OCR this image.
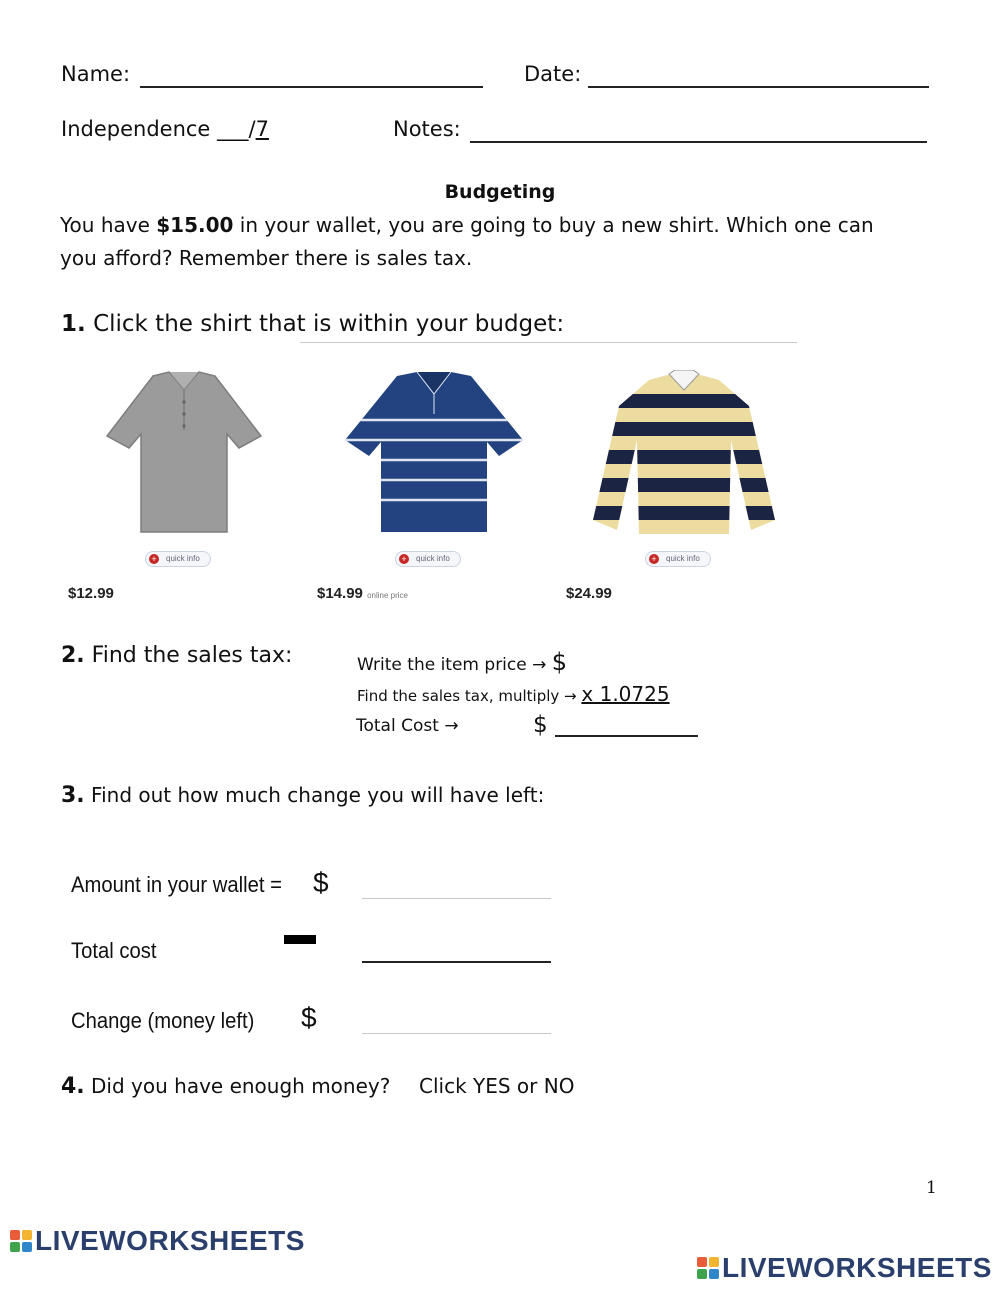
Name:	Date:
Independence ___/7	Notes:
Budgeting
You have $15.00 in your wallet, you are going to buy a new shirt. Which one can
you afford? Remember there is sales tax.
1. Click the shirt that is within your budget:
+ quick info
$12.99
+ quick info
$14.99 online price
+ quick info
$24.99
2. Find the sales tax:	Write the item price → $
Find the sales tax, multiply → x 1.0725
Total Cost →	$
3. Find out how much change you will have left:
Amount in your wallet = $
Total cost
Change (money left) $
4. Did you have enough money? Click YES or NO
1
LIVEWORKSHEETS
LIVEWORKSHEETS
